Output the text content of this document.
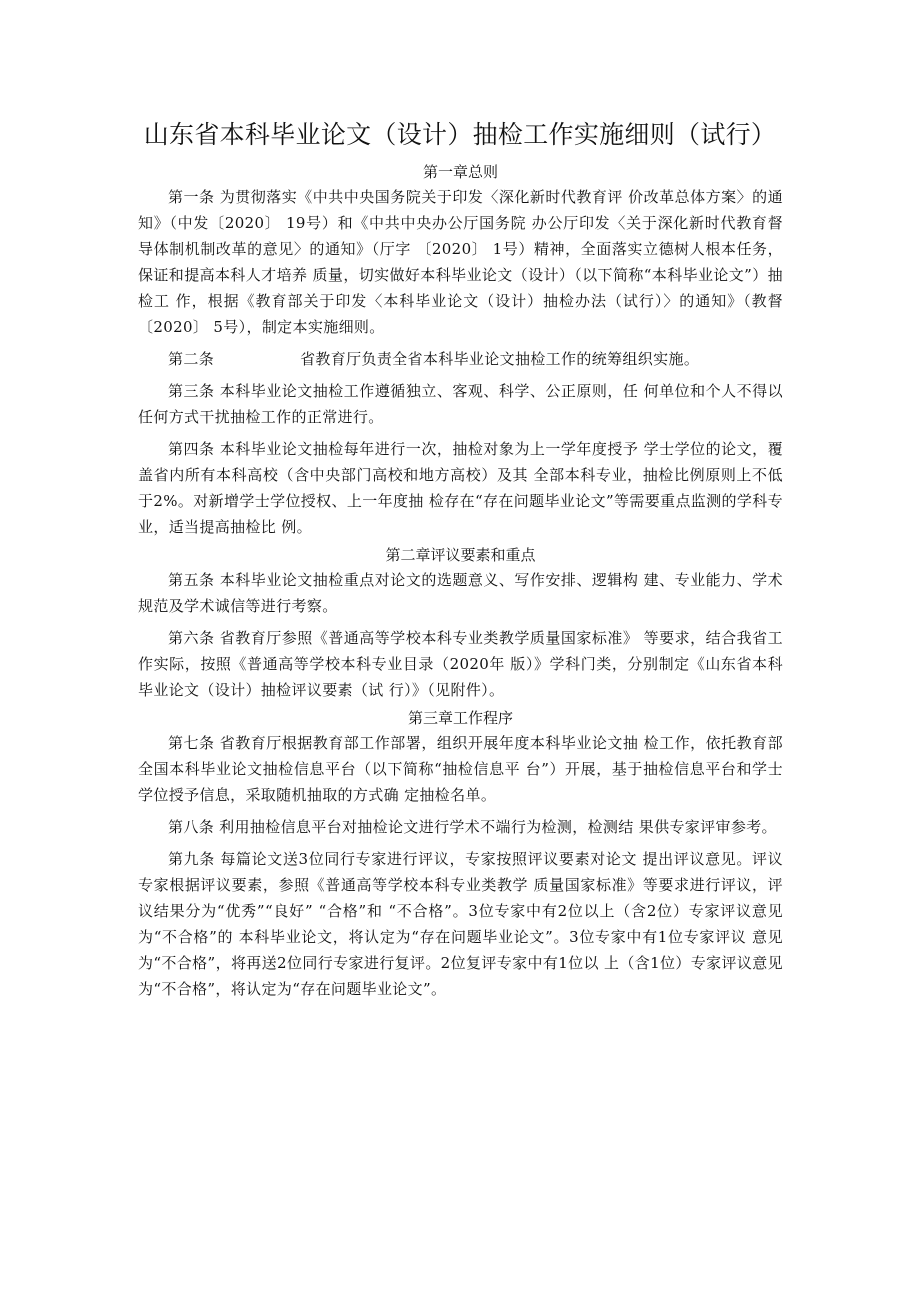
山东省本科毕业论文（设计）抽检工作实施细则（试行）

第一章总则

第一条 为贯彻落实《中共中央国务院关于印发〈深化新时代教育评 价改革总体方案〉的通知》（中发〔2020〕 19号）和《中共中央办公厅国务院 办公厅印发〈关于深化新时代教育督导体制机制改革的意见〉的通知》（厅字 〔2020〕 1号）精神，全面落实立德树人根本任务，保证和提高本科人才培养 质量，切实做好本科毕业论文（设计）（以下简称“本科毕业论文”）抽检工 作，根据《教育部关于印发〈本科毕业论文（设计）抽检办法（试行）〉的通知》（教督〔2020〕 5号），制定本实施细则。

第二条	省教育厅负责全省本科毕业论文抽检工作的统筹组织实施。

第三条 本科毕业论文抽检工作遵循独立、客观、科学、公正原则，任 何单位和个人不得以任何方式干扰抽检工作的正常进行。

第四条 本科毕业论文抽检每年进行一次，抽检对象为上一学年度授予 学士学位的论文，覆盖省内所有本科高校（含中央部门高校和地方高校）及其 全部本科专业，抽检比例原则上不低于2%。对新增学士学位授权、上一年度抽 检存在“存在问题毕业论文”等需要重点监测的学科专业，适当提高抽检比 例。

第二章评议要素和重点

第五条 本科毕业论文抽检重点对论文的选题意义、写作安排、逻辑构 建、专业能力、学术规范及学术诚信等进行考察。

第六条 省教育厅参照《普通高等学校本科专业类教学质量国家标准》 等要求，结合我省工作实际，按照《普通高等学校本科专业目录（2020年 版）》学科门类，分别制定《山东省本科毕业论文（设计）抽检评议要素（试 行）》（见附件）。

第三章工作程序

第七条 省教育厅根据教育部工作部署，组织开展年度本科毕业论文抽 检工作，依托教育部全国本科毕业论文抽检信息平台（以下简称“抽检信息平 台”）开展，基于抽检信息平台和学士学位授予信息，采取随机抽取的方式确 定抽检名单。

第八条 利用抽检信息平台对抽检论文进行学术不端行为检测，检测结 果供专家评审参考。

第九条 每篇论文送3位同行专家进行评议，专家按照评议要素对论文 提出评议意见。评议专家根据评议要素，参照《普通高等学校本科专业类教学 质量国家标准》等要求进行评议，评议结果分为“优秀”“良好” “合格”和 “不合格”。3位专家中有2位以上（含2位）专家评议意见为“不合格”的 本科毕业论文，将认定为“存在问题毕业论文”。3位专家中有1位专家评议 意见为“不合格”，将再送2位同行专家进行复评。2位复评专家中有1位以 上（含1位）专家评议意见为“不合格”，将认定为“存在问题毕业论文”。
